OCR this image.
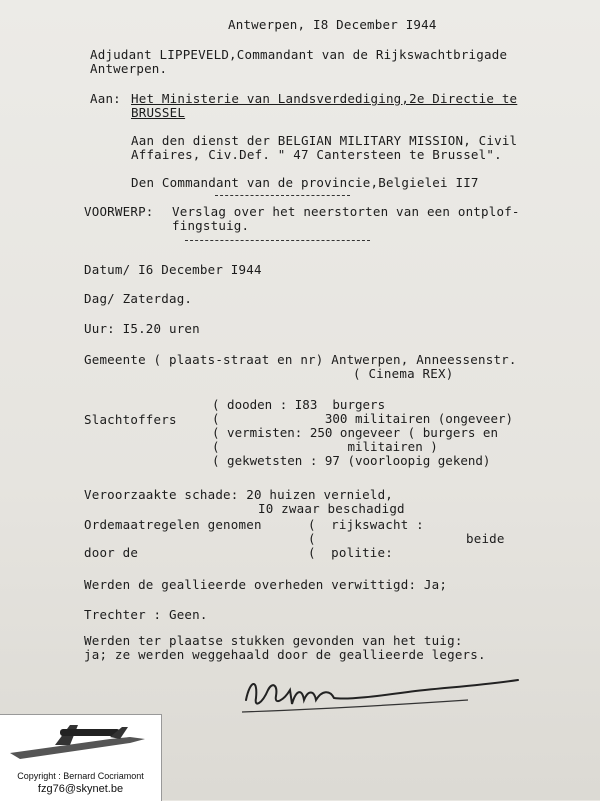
Antwerpen, I8 December I944
Adjudant LIPPEVELD,Commandant van de Rijkswachtbrigade
Antwerpen.
Aan: Het Ministerie van Landsverdediging,2e Directie te
BRUSSEL
Aan den dienst der BELGIAN MILITARY MISSION, Civil
Affaires, Civ.Def. " 47 Cantersteen te Brussel".
Den Commandant van de provincie,Belgielei II7
VOORWERP: Verslag over het neerstorten van een ontplof-
fingstuig.
Datum/ I6 December I944
Dag/ Zaterdag.
Uur: I5.20 uren
Gemeente ( plaats-straat en nr) Antwerpen, Anneessenstr.
( Cinema REX)
Slachtoffers
( dooden : I83  burgers
(              300 militairen (ongeveer)
( vermisten: 250 ongeveer ( burgers en
(                 militairen )
( gekwetsten : 97 (voorloopig gekend)
Veroorzaakte schade: 20 huizen vernield,
I0 zwaar beschadigd
Ordemaatregelen genomen
door de
(  rijkswacht :
(
(  politie:
beide
Werden de geallieerde overheden verwittigd: Ja;
Trechter : Geen.
Werden ter plaatse stukken gevonden van het tuig:
ja; ze werden weggehaald door de geallieerde legers.
Copyright : Bernard Cocriamont
fzg76@skynet.be
